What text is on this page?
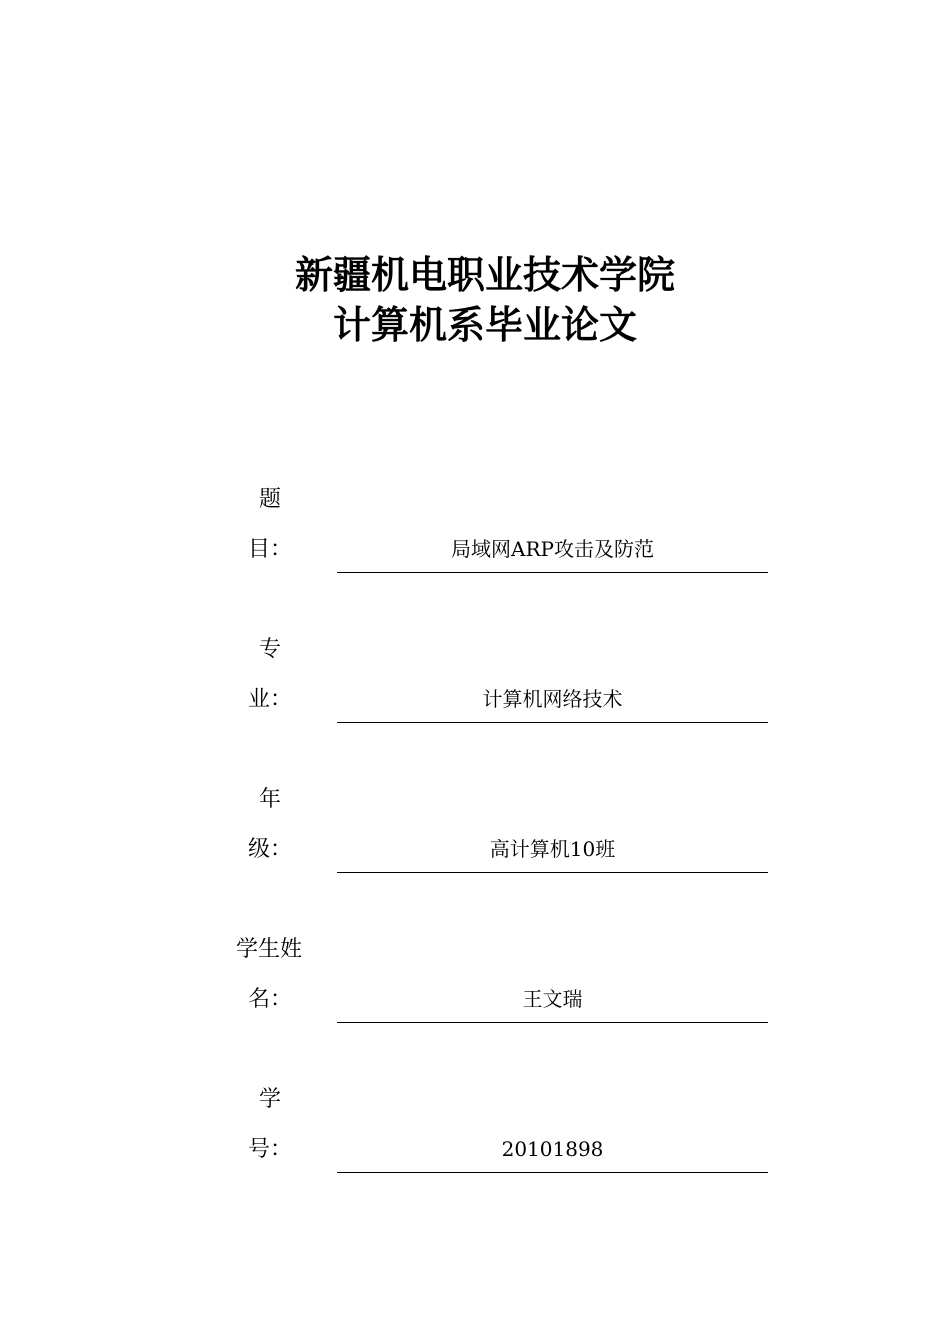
新疆机电职业技术学院

计算机系毕业论文

题
目：	局域网ARP攻击及防范
专
业：	计算机网络技术
年
级：	高计算机10班
学生姓
名：	王文瑞
学
号：	20101898
